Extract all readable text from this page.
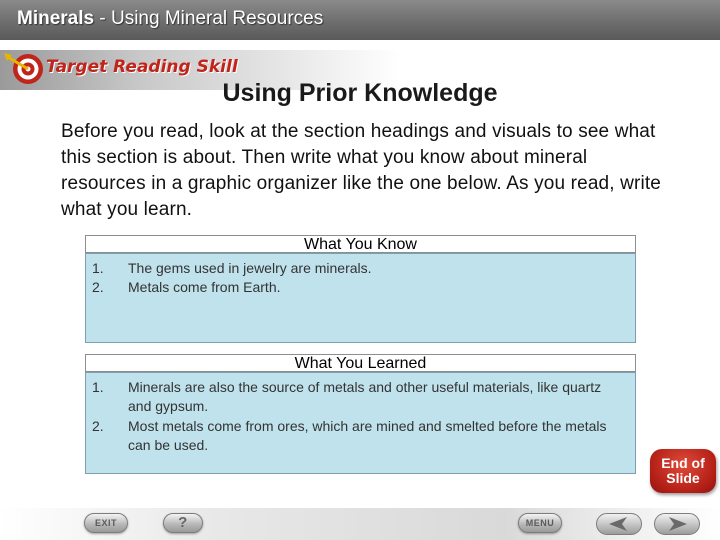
Minerals - Using Mineral Resources
Target Reading Skill
Using Prior Knowledge
Before you read, look at the section headings and visuals to see what this section is about. Then write what you know about mineral resources in a graphic organizer like the one below. As you read, write what you learn.
What You Know
1.	The gems used in jewelry are minerals.
2.	Metals come from Earth.
What You Learned
1.	Minerals are also the source of metals and other useful materials, like quartz and gypsum.
2.	Most metals come from ores, which are mined and smelted before the metals can be used.
End of
Slide
EXIT	?	MENU
